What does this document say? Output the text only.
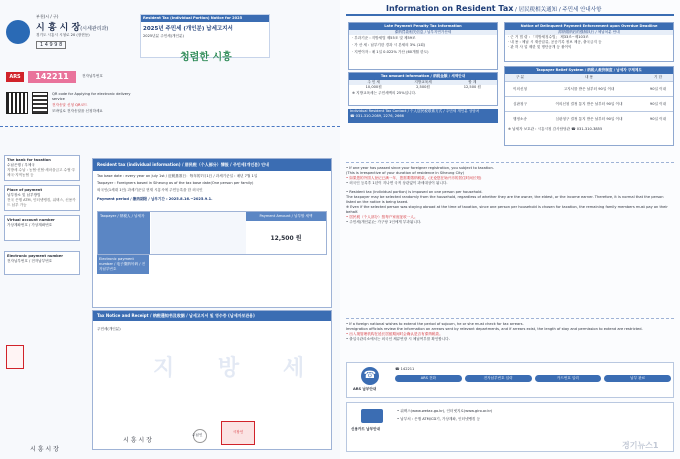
부천(시 / 구)
시 흥 시 장(시세관리과)
경기도 시흥시 시청로 20 (장현동)
1 4 9 9 8
Resident Tax (Individual Portion) Notice for 2025
2025년 주민세 (개인분) 납세고지서
2025년분 주민세(개인분)
청렴한 시흥
ARS	142211	전자납부번호
QR code for Applying for electronic delivery service
전자송달 신청 QR코드
모바일로 전자송달을 신청하세요
The bank for taxation
수납은행 / 우체국
지방세 수납 : 농협·신협·새마을금고 수협·우체국·지역농협 등
Place of payment
납부장소 및 납부방법
전국 은행 ATM, 인터넷뱅킹, 위택스, 신용카드 납부 가능
Virtual account number
가상계좌번호 / 가상계좌번호
Electronic payment number
전자납부번호 / 전자납부번호
Resident tax (individual information) / 居民税（个人部分）情报 / 주민세(개인분) 안내
Tax base date : every year on July 1st / 征税基准日：每年的7月1日 / 과세기준일 : 매년 7월 1일
Taxpayer : Foreigners based in Siheung as of the tax base date(One person per family)
외국인(1세대 1인) 과세기준일 현재 시흥시에 주민등록을 한 외국인
Payment period / 缴纳期限 / 납부기간 : 2025.8.16.~2025.9.1.
Taxpayer / 纳税人 / 납세자	Payment Amount / 납부할 세액
12,500 원
Electronic payment number / 电子缴纳号码 / 전자납부번호
Tax Notice and Receipt / 纳税通知书及收据 / 납세고지서 및 영수증 (납세자보관용)
지 방 세
주민세(개인분)
시장인
시 흥 시 장
수납인
시 흥 시 장
Information on Resident Tax / 居民税相关通知 / 주민세 안내사항
Late Payment Penalty Tax Information
滞纳罚款相关信息 / 납부지연가산세
· 부과기준 : 지방세법 제55조 및 제59조
· 가 산 세 : 납부기한 경과 시 본세의 3% (1회)
· 지연이자 : 매 1일 0.022% 가산 (60개월 한도)
Tax amount information / 纳税金额 / 세액안내
주 민 세	지방교육세	합 계
10,000원	2,500원	12,500 원
※ 지방교육세는 주민세액의 25%입니다.
Individual Resident Tax Contact / 个人居民税联系方式 / 주민세 개인분 상담처
☎ 031-310-2089, 2276, 2666
Notice of Delinquent Payment Enforcement upon Overdue Deadline
滞纳缴纳后的强制执行 / 체납처분 안내
· 근 거 법 령 : 「지방세징수법」 제33조~제103조
· 내 용 : 체납 시 재산압류, 공공기록 정보 제공, 출국금지 등
· 관 허 사 업 제한 및 명단공개 등 불이익
Taxpayer Relief System / 纳税人救济制度 / 납세자 구제제도
구 분	내 용	기 한
이의신청	고지서를 받은 날부터 90일 이내	90일 이내
심판청구	이의신청 결정 통지 받은 날부터 90일 이내	90일 이내
행정소송	심판청구 결정 통지 받은 날부터 90일 이내	90일 이내
※ 납세자 보호관 : 시흥시청 감사담당관 ☎ 031-310-3855
• If one year has passed since your foreigner registration, you subject to taxation.
(This is irrespective of your duration of residence in Siheung City)
• 如果您的外国人登记已满一年，您需要缴纳税款。(无论您在始兴市的居住时间长短)
• 외국인 등록후 1년이 지나면 국적 상관없이 과세대상이 됩니다.
• Resident tax (individual portion) is imposed on one person per household.
The taxpayer may be selected randomly from the household, regardless of whether they are the owner, the eldest, or the income earner. Therefore, it is normal that the person listed on the notice is being taxed.
※ Even if the selected person was staying abroad at the time of taxation, since one person per household is chosen for taxation, the remaining family members must pay on their behalf.
• 居民税（个人部分）按每户家庭征收一人。
• 주민세(개인분)는 가구당 1인에게 부과됩니다.
• If a foreign national wishes to extend the period of sojourn, he or she must check for tax arrears.
Immigration officials review the information on arrears sent by relevant departments, and if arrears exist, the length of stay and permission to extend are restricted.
• 出入境管理机构在延长居留期间时会确认是否有滞纳税款。
• 출입국관리소에서는 외국인 체류연장 시 체납여부를 확인합니다.
☎
ARS 납부안내
☎ 142211
ARS 전화	전자납부번호 입력	카드번호 입력	납부 완료
신용카드 납부안내
• 위택스(www.wetax.go.kr), 인터넷지로(www.giro.or.kr)
• 납부처 : 은행 ATM/CD기, 가상계좌, 인터넷뱅킹 등
경기뉴스1
